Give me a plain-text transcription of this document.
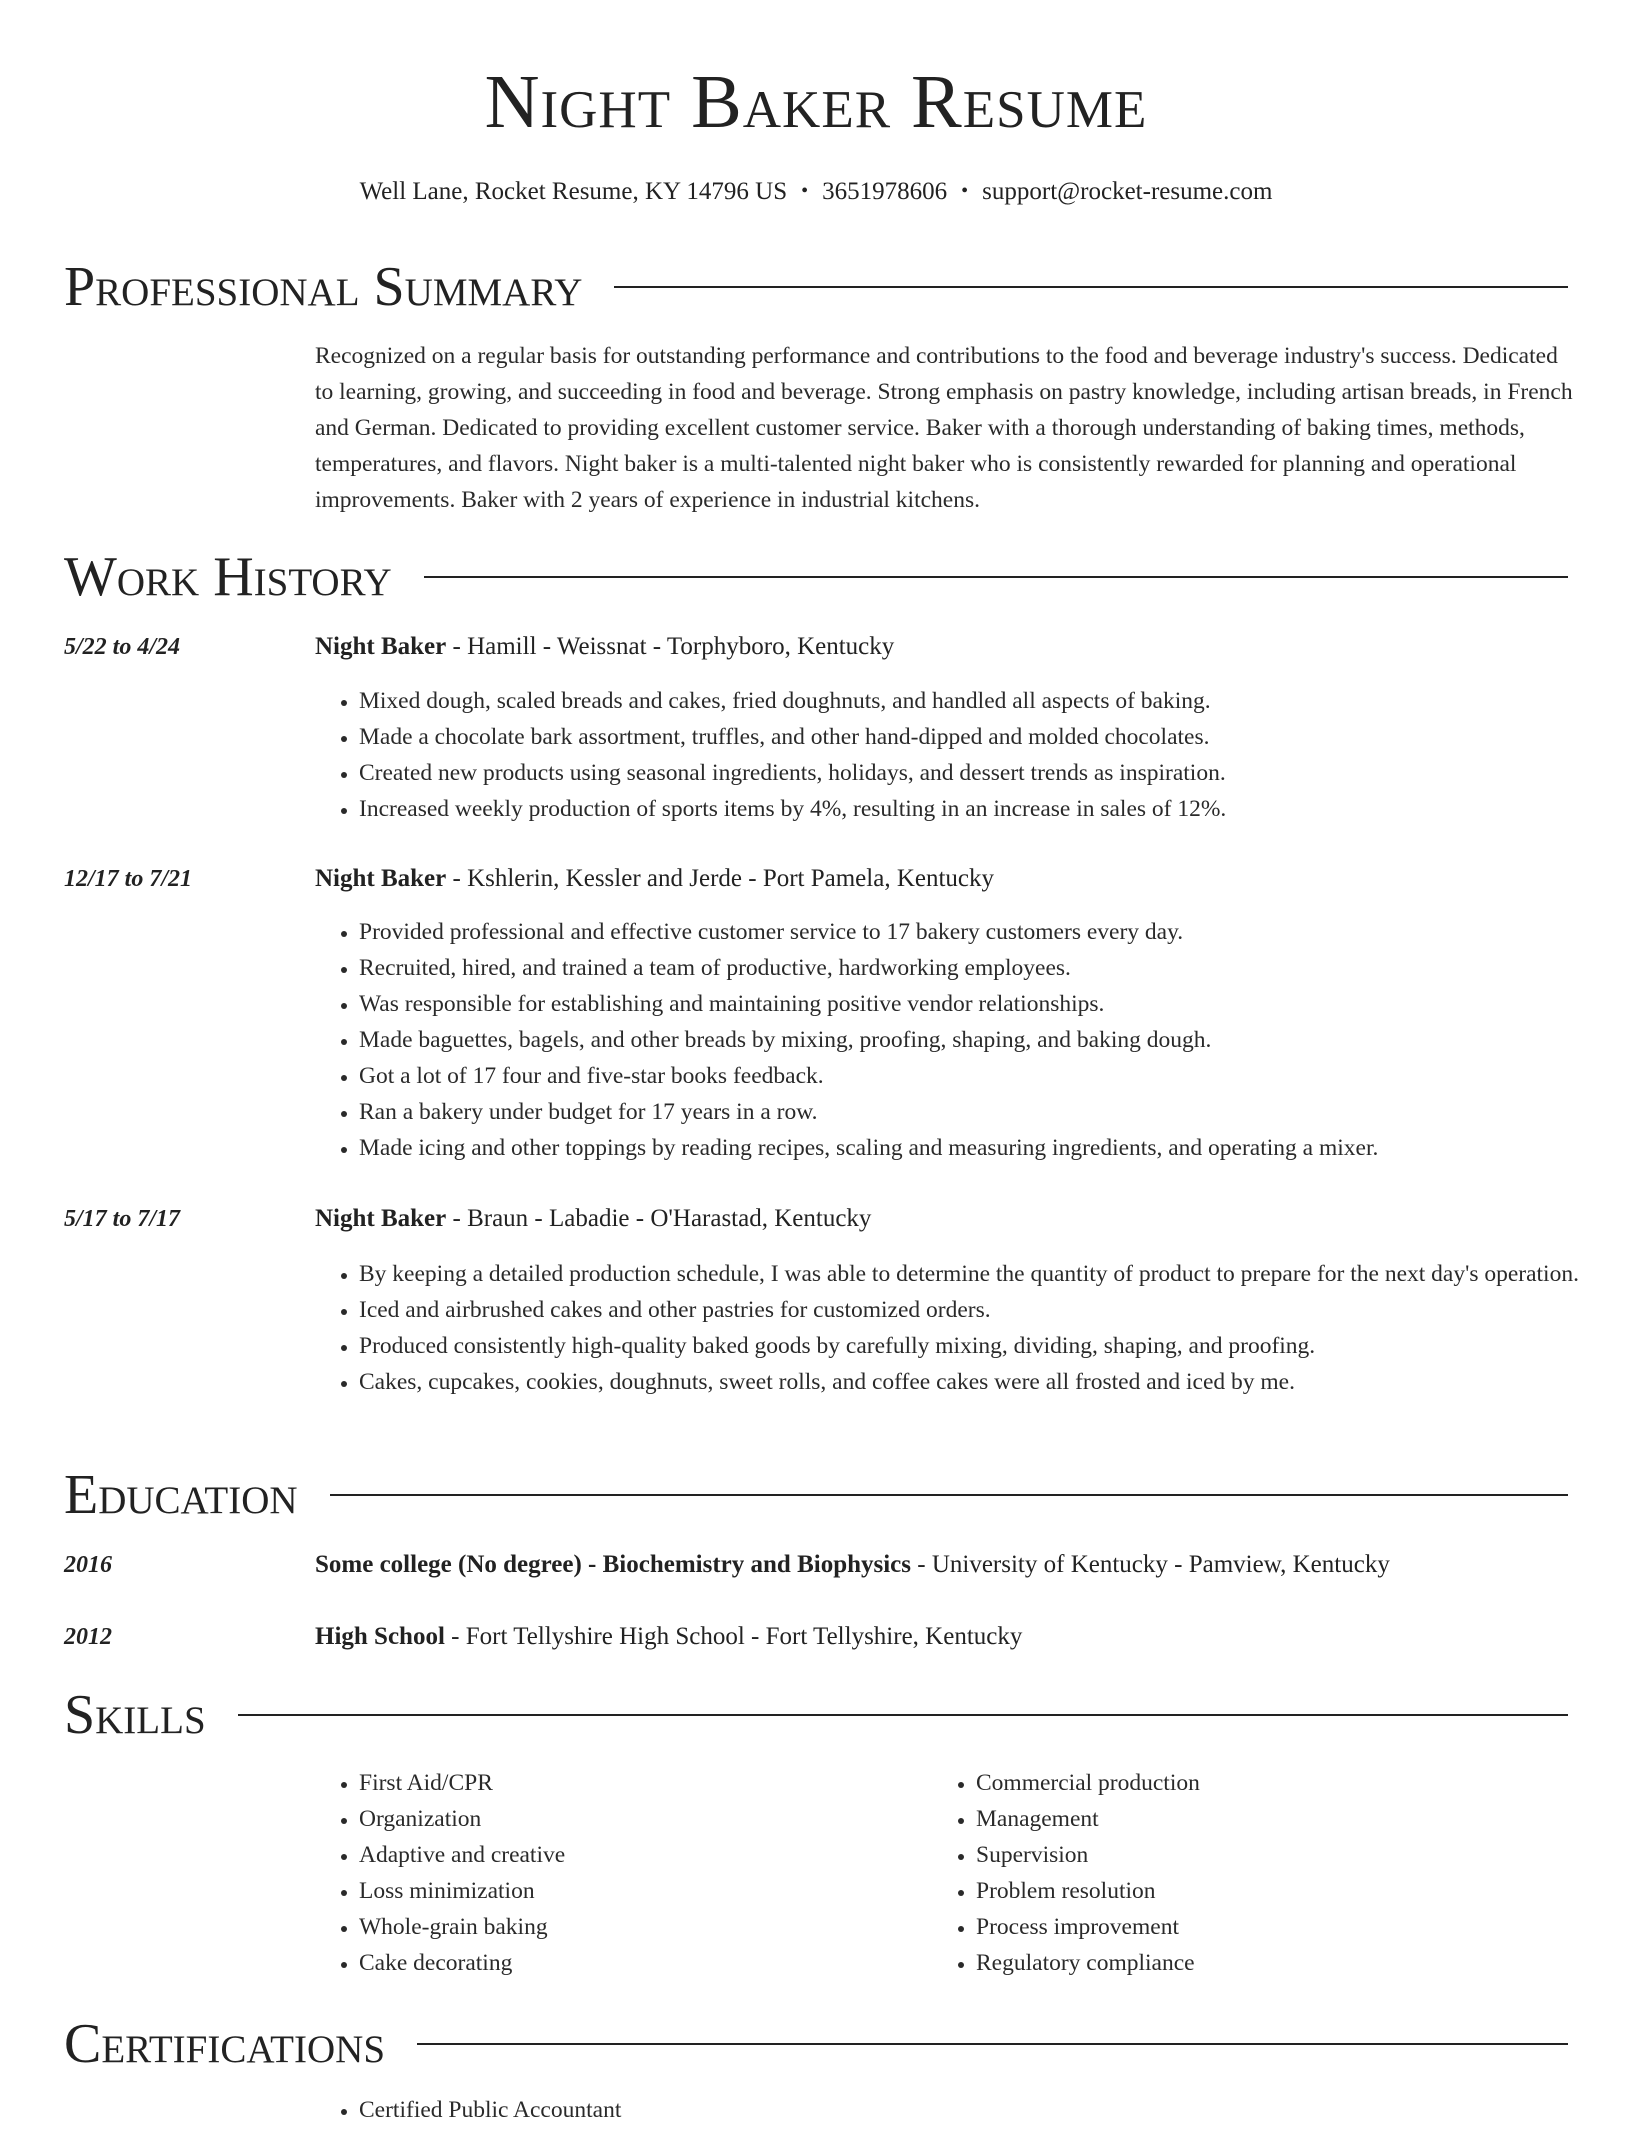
Night Baker Resume
Well Lane, Rocket Resume, KY 14796 US • 3651978606 • support@rocket-resume.com
Professional Summary
Recognized on a regular basis for outstanding performance and contributions to the food and beverage industry's success. Dedicated to learning, growing, and succeeding in food and beverage. Strong emphasis on pastry knowledge, including artisan breads, in French and German. Dedicated to providing excellent customer service. Baker with a thorough understanding of baking times, methods, temperatures, and flavors. Night baker is a multi-talented night baker who is consistently rewarded for planning and operational improvements. Baker with 2 years of experience in industrial kitchens.
Work History
5/22 to 4/24	Night Baker - Hamill - Weissnat - Torphyboro, Kentucky
• Mixed dough, scaled breads and cakes, fried doughnuts, and handled all aspects of baking.
• Made a chocolate bark assortment, truffles, and other hand-dipped and molded chocolates.
• Created new products using seasonal ingredients, holidays, and dessert trends as inspiration.
• Increased weekly production of sports items by 4%, resulting in an increase in sales of 12%.
12/17 to 7/21	Night Baker - Kshlerin, Kessler and Jerde - Port Pamela, Kentucky
• Provided professional and effective customer service to 17 bakery customers every day.
• Recruited, hired, and trained a team of productive, hardworking employees.
• Was responsible for establishing and maintaining positive vendor relationships.
• Made baguettes, bagels, and other breads by mixing, proofing, shaping, and baking dough.
• Got a lot of 17 four and five-star books feedback.
• Ran a bakery under budget for 17 years in a row.
• Made icing and other toppings by reading recipes, scaling and measuring ingredients, and operating a mixer.
5/17 to 7/17	Night Baker - Braun - Labadie - O'Harastad, Kentucky
• By keeping a detailed production schedule, I was able to determine the quantity of product to prepare for the next day's operation.
• Iced and airbrushed cakes and other pastries for customized orders.
• Produced consistently high-quality baked goods by carefully mixing, dividing, shaping, and proofing.
• Cakes, cupcakes, cookies, doughnuts, sweet rolls, and coffee cakes were all frosted and iced by me.
Education
2016	Some college (No degree) - Biochemistry and Biophysics - University of Kentucky - Pamview, Kentucky
2012	High School - Fort Tellyshire High School - Fort Tellyshire, Kentucky
Skills
• First Aid/CPR
• Organization
• Adaptive and creative
• Loss minimization
• Whole-grain baking
• Cake decorating
• Commercial production
• Management
• Supervision
• Problem resolution
• Process improvement
• Regulatory compliance
Certifications
• Certified Public Accountant
